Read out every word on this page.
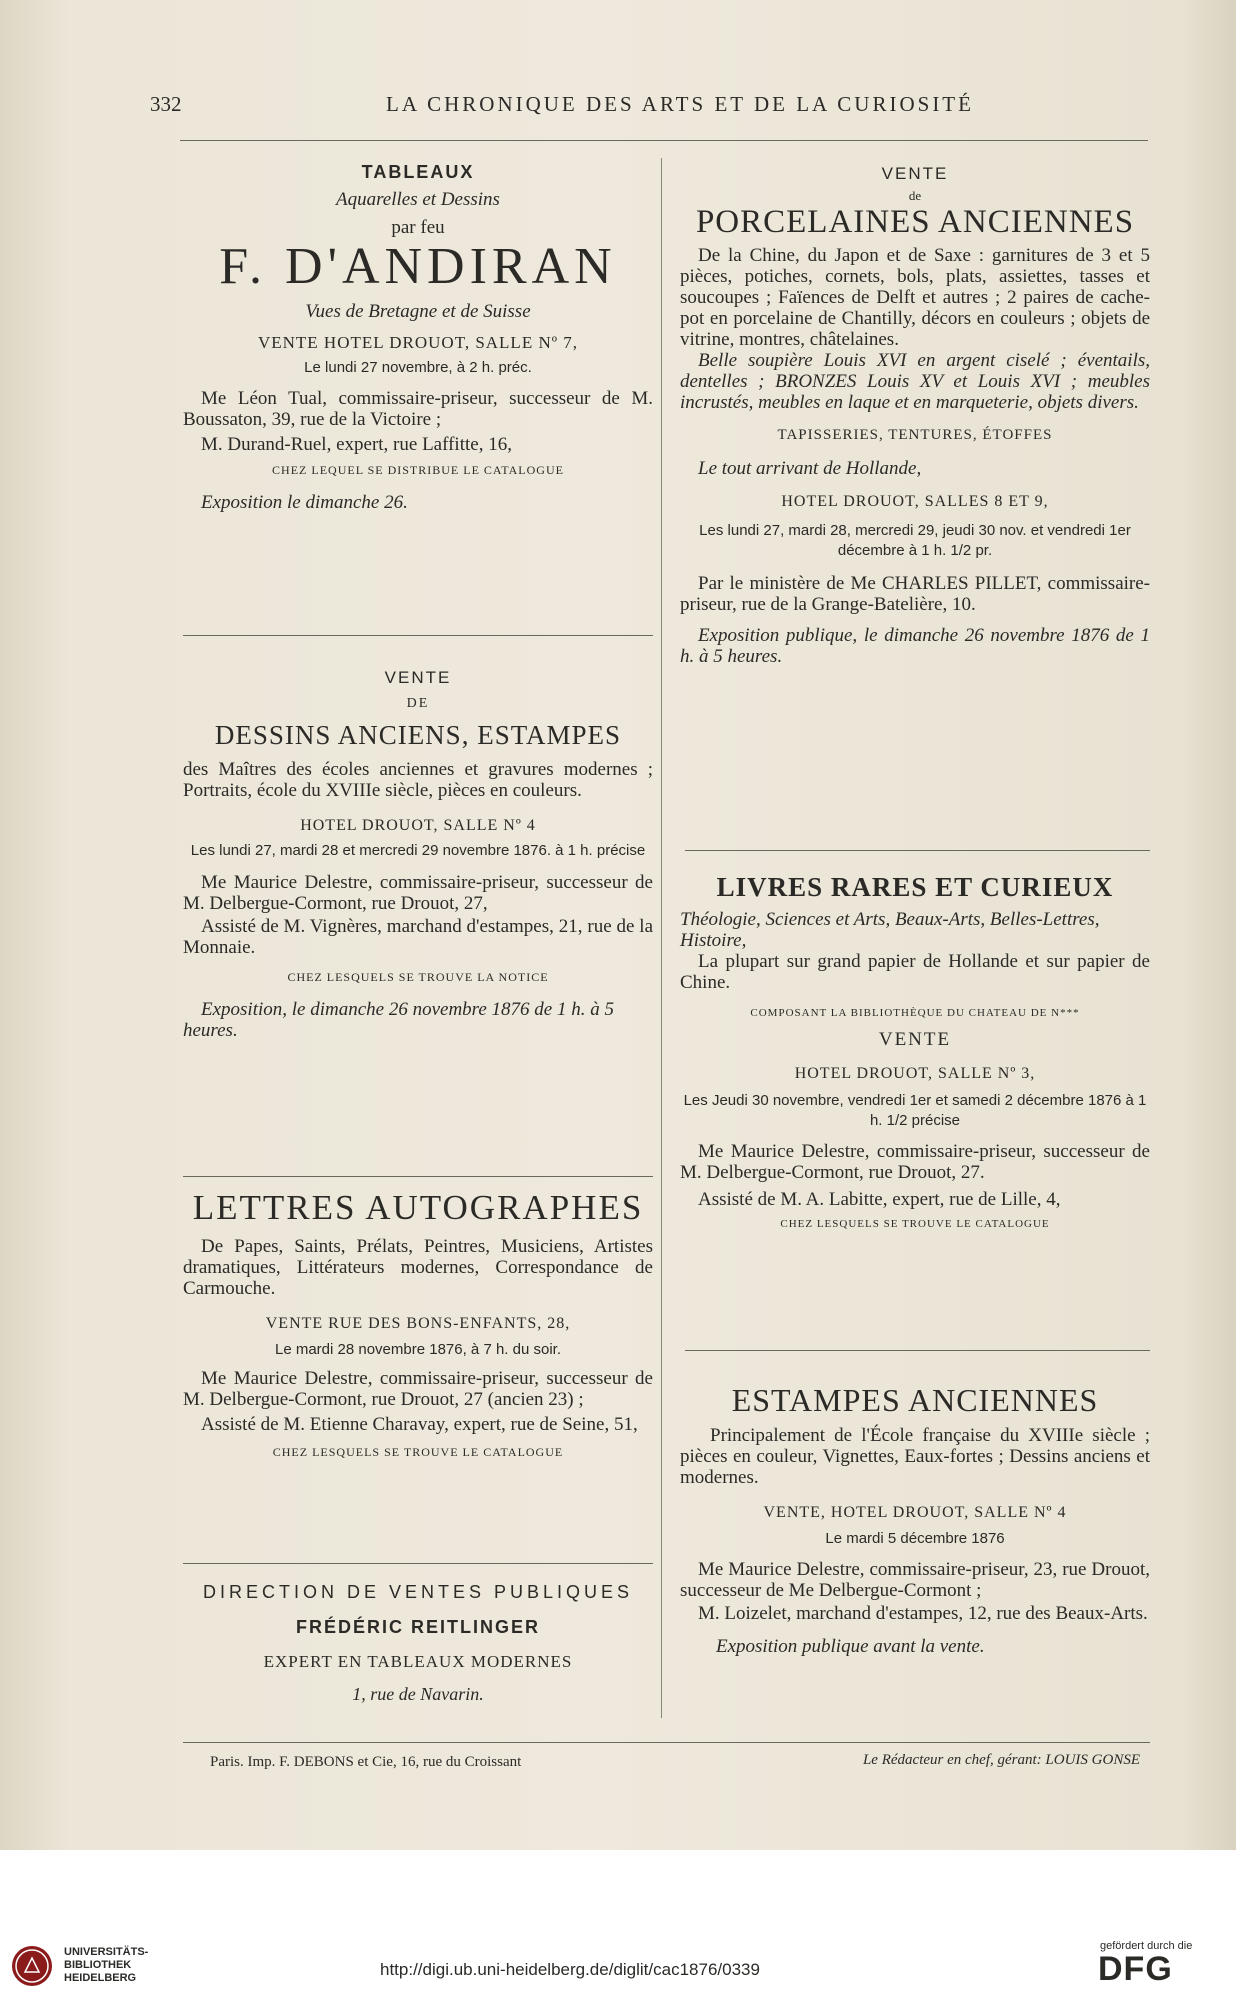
332	LA CHRONIQUE DES ARTS ET DE LA CURIOSITÉ
TABLEAUX
Aquarelles et Dessins
par feu
F. D'ANDIRAN
Vues de Bretagne et de Suisse
VENTE HOTEL DROUOT, SALLE Nº 7,
Le lundi 27 novembre, à 2 h. préc.
Me Léon Tual, commissaire-priseur, successeur de M. Boussaton, 39, rue de la Victoire ;
M. Durand-Ruel, expert, rue Laffitte, 16,
CHEZ LEQUEL SE DISTRIBUE LE CATALOGUE
Exposition le dimanche 26.
VENTE
DE
DESSINS ANCIENS, ESTAMPES
des Maîtres des écoles anciennes et gravures modernes ; Portraits, école du XVIIIe siècle, pièces en couleurs.
HOTEL DROUOT, SALLE Nº 4
Les lundi 27, mardi 28 et mercredi 29 novembre 1876. à 1 h. précise
Me Maurice Delestre, commissaire-priseur, successeur de M. Delbergue-Cormont, rue Drouot, 27,
Assisté de M. Vignères, marchand d'estampes, 21, rue de la Monnaie.
CHEZ LESQUELS SE TROUVE LA NOTICE
Exposition, le dimanche 26 novembre 1876 de 1 h. à 5 heures.
LETTRES AUTOGRAPHES
De Papes, Saints, Prélats, Peintres, Musiciens, Artistes dramatiques, Littérateurs modernes, Correspondance de Carmouche.
VENTE RUE DES BONS-ENFANTS, 28,
Le mardi 28 novembre 1876, à 7 h. du soir.
Me Maurice Delestre, commissaire-priseur, successeur de M. Delbergue-Cormont, rue Drouot, 27 (ancien 23) ;
Assisté de M. Etienne Charavay, expert, rue de Seine, 51,
CHEZ LESQUELS SE TROUVE LE CATALOGUE
DIRECTION DE VENTES PUBLIQUES
FRÉDÉRIC REITLINGER
EXPERT EN TABLEAUX MODERNES
1, rue de Navarin.
VENTE
de
PORCELAINES ANCIENNES
De la Chine, du Japon et de Saxe : garnitures de 3 et 5 pièces, potiches, cornets, bols, plats, assiettes, tasses et soucoupes ; Faïences de Delft et autres ; 2 paires de cache-pot en porcelaine de Chantilly, décors en couleurs ; objets de vitrine, montres, châtelaines.
Belle soupière Louis XVI en argent ciselé ; éventails, dentelles ; BRONZES Louis XV et Louis XVI ; meubles incrustés, meubles en laque et en marqueterie, objets divers.
TAPISSERIES, TENTURES, ÉTOFFES
Le tout arrivant de Hollande,
HOTEL DROUOT, SALLES 8 ET 9,
Les lundi 27, mardi 28, mercredi 29, jeudi 30 nov. et vendredi 1er décembre à 1 h. 1/2 pr.
Par le ministère de Me CHARLES PILLET, commissaire-priseur, rue de la Grange-Batelière, 10.
Exposition publique, le dimanche 26 novembre 1876 de 1 h. à 5 heures.
LIVRES RARES ET CURIEUX
Théologie, Sciences et Arts, Beaux-Arts, Belles-Lettres, Histoire,
La plupart sur grand papier de Hollande et sur papier de Chine.
COMPOSANT LA BIBLIOTHÈQUE DU CHATEAU DE N***
VENTE
HOTEL DROUOT, SALLE Nº 3,
Les Jeudi 30 novembre, vendredi 1er et samedi 2 décembre 1876 à 1 h. 1/2 précise
Me Maurice Delestre, commissaire-priseur, successeur de M. Delbergue-Cormont, rue Drouot, 27.
Assisté de M. A. Labitte, expert, rue de Lille, 4,
CHEZ LESQUELS SE TROUVE LE CATALOGUE
ESTAMPES ANCIENNES
Principalement de l'École française du XVIIIe siècle ; pièces en couleur, Vignettes, Eaux-fortes ; Dessins anciens et modernes.
VENTE, HOTEL DROUOT, SALLE Nº 4
Le mardi 5 décembre 1876
Me Maurice Delestre, commissaire-priseur, 23, rue Drouot, successeur de Me Delbergue-Cormont ;
M. Loizelet, marchand d'estampes, 12, rue des Beaux-Arts.
Exposition publique avant la vente.
Paris. Imp. F. DEBONS et Cie, 16, rue du Croissant	Le Rédacteur en chef, gérant: LOUIS GONSE
UNIVERSITÄTS-
BIBLIOTHEK
HEIDELBERG	http://digi.ub.uni-heidelberg.de/diglit/cac1876/0339
gefördert durch die
DFG
